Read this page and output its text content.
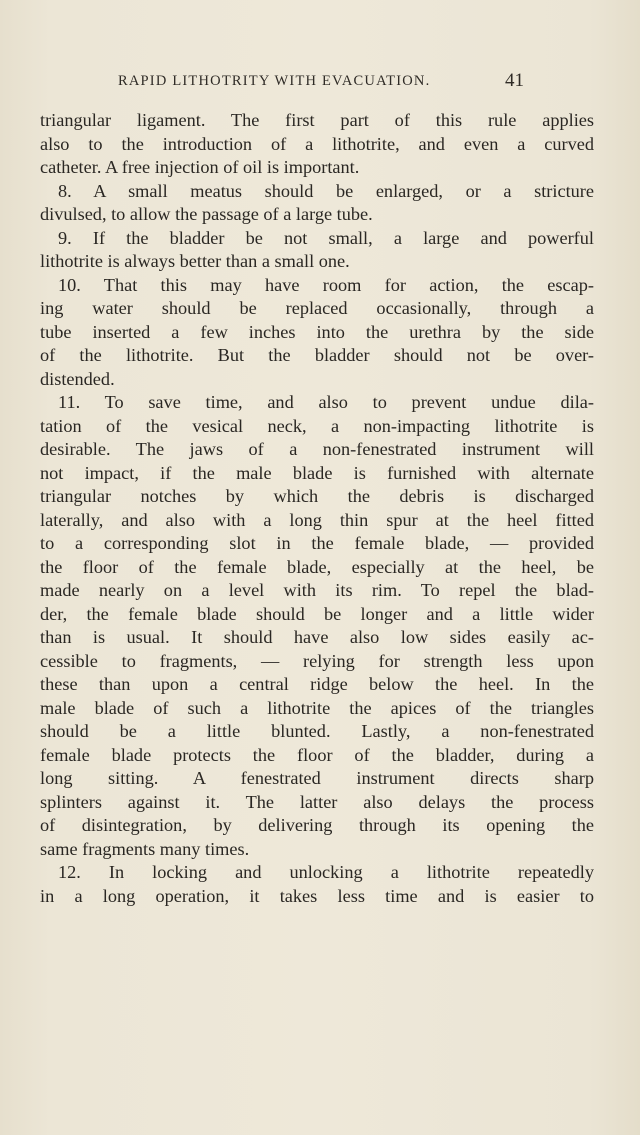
RAPID LITHOTRITY WITH EVACUATION.	41
triangular ligament. The first part of this rule applies
also to the introduction of a lithotrite, and even a curved
catheter. A free injection of oil is important.
8. A small meatus should be enlarged, or a stricture
divulsed, to allow the passage of a large tube.
9. If the bladder be not small, a large and powerful
lithotrite is always better than a small one.
10. That this may have room for action, the escap-
ing water should be replaced occasionally, through a
tube inserted a few inches into the urethra by the side
of the lithotrite. But the bladder should not be over-
distended.
11. To save time, and also to prevent undue dila-
tation of the vesical neck, a non-impacting lithotrite is
desirable. The jaws of a non-fenestrated instrument will
not impact, if the male blade is furnished with alternate
triangular notches by which the debris is discharged
laterally, and also with a long thin spur at the heel fitted
to a corresponding slot in the female blade, — provided
the floor of the female blade, especially at the heel, be
made nearly on a level with its rim. To repel the blad-
der, the female blade should be longer and a little wider
than is usual. It should have also low sides easily ac-
cessible to fragments, — relying for strength less upon
these than upon a central ridge below the heel. In the
male blade of such a lithotrite the apices of the triangles
should be a little blunted. Lastly, a non-fenestrated
female blade protects the floor of the bladder, during a
long sitting. A fenestrated instrument directs sharp
splinters against it. The latter also delays the process
of disintegration, by delivering through its opening the
same fragments many times.
12. In locking and unlocking a lithotrite repeatedly
in a long operation, it takes less time and is easier to
